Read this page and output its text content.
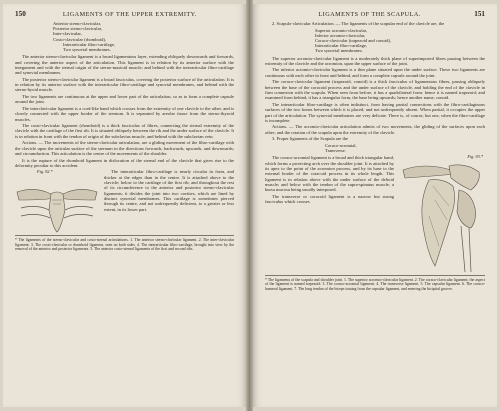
150	LIGAMENTS OF THE UPPER EXTREMITY.
Anterior sterno-clavicular,
Posterior sterno-clavicular,
Inter-clavicular,
Costo-clavicular (rhomboid),
Interarticular fibro-cartilage,
Two synovial membranes.

The anterior sterno-clavicular ligament is a broad ligamentous layer, extending obliquely downwards and forwards, and covering the anterior aspect of the articulation. This ligament is in relation by its anterior surface with the integument and with the sternal origin of the sterno-mastoid muscle; and behind with the interarticular fibro-cartilage and synovial membranes.

The posterior sterno-clavicular ligament is a broad fasciculus, covering the posterior surface of the articulation. It is in relation by its anterior surface with the interarticular fibro-cartilage and synovial membranes, and behind with the sterno-hyoid muscle.

The two ligaments are continuous at the upper and lower part of the articulation, so as to form a complete capsule around the joint.

The interclavicular ligament is a cord-like band which crosses from the extremity of one clavicle to the other, and is closely connected with the upper border of the sternum. It is separated by areolar tissue from the sterno-thyroid muscles.

The costo-clavicular ligament (rhomboid) is a thick fasciculus of fibres, connecting the sternal extremity of the clavicle with the cartilage of the first rib. It is situated obliquely between the rib and the under surface of the clavicle. It is in relation in front with the tendon of origin of the subclavius muscle, and behind with the subclavian vein.

Actions. — The movements of the sterno-clavicular articulation, are a gliding movement of the fibro-cartilage with the clavicle upon the articular surface of the sternum in the directions forwards, backwards, upwards, and downwards; and circumduction. This articulation is the centre of the movements of the shoulder.

It is the rupture of the rhomboid ligament in dislocation of the sternal end of the clavicle that gives rise to the deformity peculiar to this accident.

Fig. 92.*	The interarticular fibro-cartilage is nearly circular in form, and thicker at the edges than in the centre. It is attached above to the clavicle; below to the cartilage of the first rib; and throughout the rest of its circumference to the anterior and posterior sterno-clavicular ligaments; it divides the joint into two cavities, which are lined by distinct synovial membranes. This cartilage is sometimes pierced through its centre, and not unfrequently deficient, to a greater or less extent, in its lower part.

* The ligaments of the sterno-clavicular and costo-sternal articulations. 1. The anterior sterno-clavicular ligament. 2. The inter-clavicular ligament. 3. The costo-clavicular or rhomboid ligament, seen on both sides. 4. The interarticular fibro-cartilage, brought into view by the removal of the anterior and posterior ligaments. 5. The anterior costo-sternal ligaments of the first and second ribs.
LIGAMENTS OF THE SCAPULA.	151

2. Scapulo-clavicular Articulation. — The ligaments of the scapular end of the clavicle are, the

Superior acromio-clavicular,
Inferior acromio-clavicular,
Coraco-clavicular (trapezoid and conoid),
Interarticular fibro-cartilage,
Two synovial membranes.

The superior acromio-clavicular ligament is a moderately thick plane of superimposed fibres passing between the extremity of the clavicle and the acromion, upon the upper surface of the joint.

The inferior acromio-clavicular ligament is a thin plane situated upon the under surface. These two ligaments are continuous with each other in front and behind, and form a complete capsule around the joint.

The coraco-clavicular ligament (trapezoid, conoid) is a thick fasciculus of ligamentous fibres, passing obliquely between the base of the coracoid process and the under surface of the clavicle, and holding the end of the clavicle in firm connexion with the scapula. When seen from before, it has a quadrilateral form: hence it is named trapezoid; and examined from behind, it has a triangular form, the base being upwards; hence another name, conoid.

The interarticular fibro-cartilage is often indistinct, from having partial connections with the fibro-cartilaginous surfaces of the two bones between which it is placed, and not unfrequently absent. When partial, it occupies the upper part of the articulation. The synovial membranes are very delicate. There is, of course, but one, when the fibro-cartilage is incomplete.

Actions. — The acromio-clavicular articulation admits of two movements, the gliding of the surfaces upon each other; and the rotation of the scapula upon the extremity of the clavicle.

3. Proper ligaments of the Scapula are the

Coraco-acromial,
Transverse.
Fig. 93.*

The coraco-acromial ligament is a broad and thick triangular band, which forms a protecting arch over the shoulder joint. It is attached by its apex to the point of the acromion process, and by its base to the external border of the coracoid process in its whole length. This ligament is in relation above with the under surface of the deltoid muscle; and below with the tendon of the supra-spinatus muscle, a bursa mucosa being usually interposed.

The transverse or coracoid ligament is a narrow but strong fasciculus which crosses

* The ligaments of the scapula and shoulder joint. 1. The superior acromio-clavicular ligament. 2. The coraco-clavicular ligament; the aspect of the ligament is named trapezoid. 3. The coraco-acromial ligament. 4. The transverse ligament. 5. The capsular ligament. 6. The coraco-humeral ligament. 7. The long tendon of the biceps issuing from the capsular ligament, and entering the bicipital groove.
